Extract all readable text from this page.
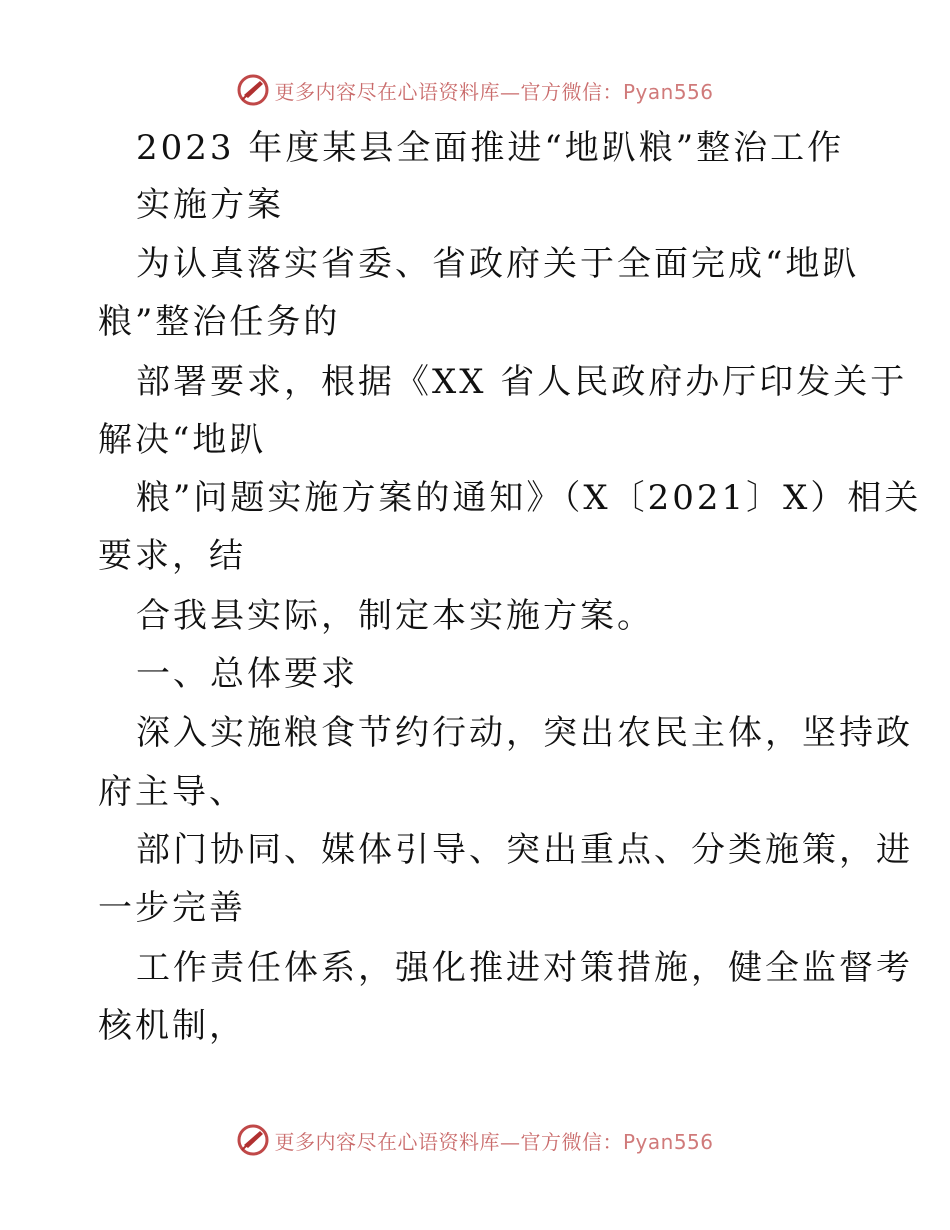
更多内容尽在心语资料库—官方微信：Pyan556
2023 年度某县全面推进“地趴粮”整治工作
实施方案
为认真落实省委、省政府关于全面完成“地趴
粮”整治任务的
部署要求，根据《XX 省人民政府办厅印发关于
解决“地趴
粮”问题实施方案的通知》（X〔2021〕X）相关
要求，结
合我县实际，制定本实施方案。
一、总体要求
深入实施粮食节约行动，突出农民主体，坚持政
府主导、
部门协同、媒体引导、突出重点、分类施策，进
一步完善
工作责任体系，强化推进对策措施，健全监督考
核机制，
更多内容尽在心语资料库—官方微信：Pyan556
